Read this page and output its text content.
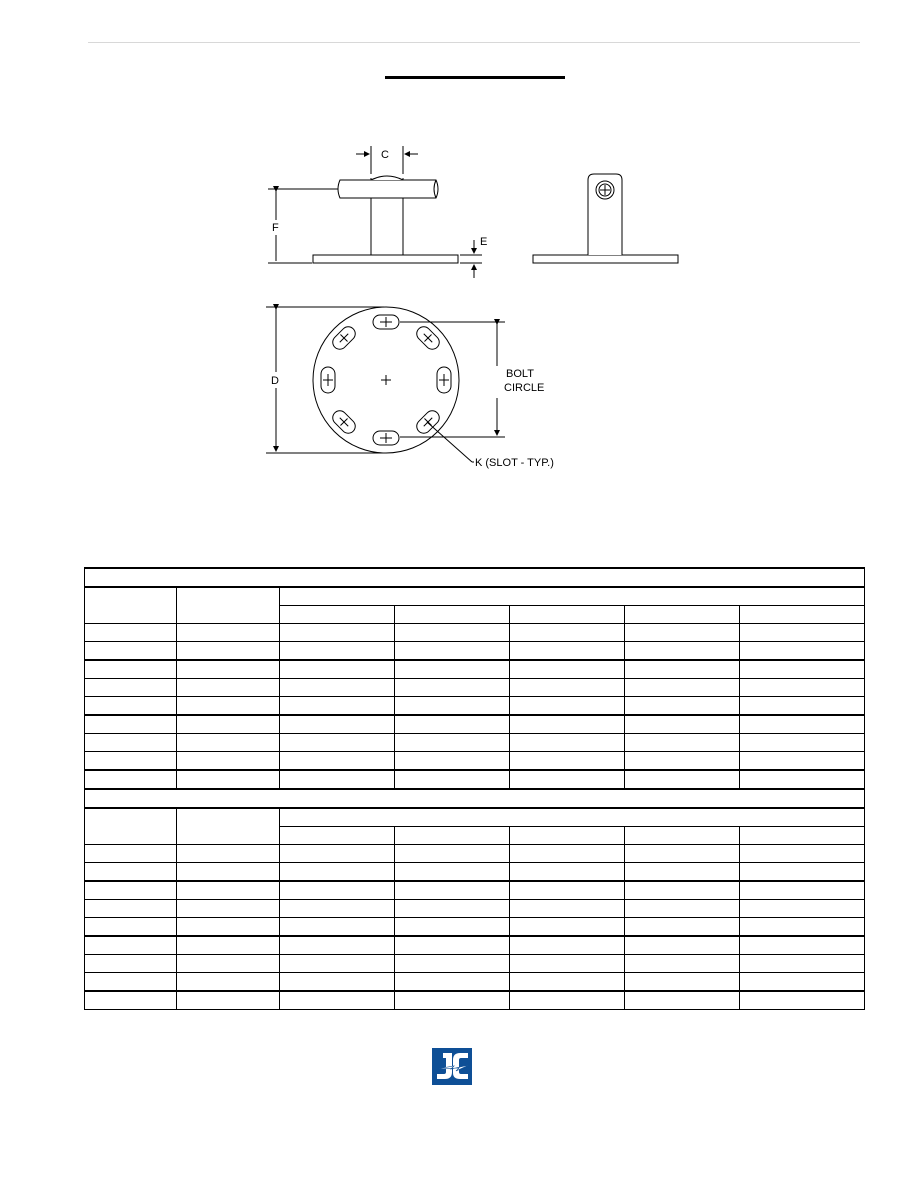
C
F
E
D
BOLT
CIRCLE
K (SLOT - TYP.)
